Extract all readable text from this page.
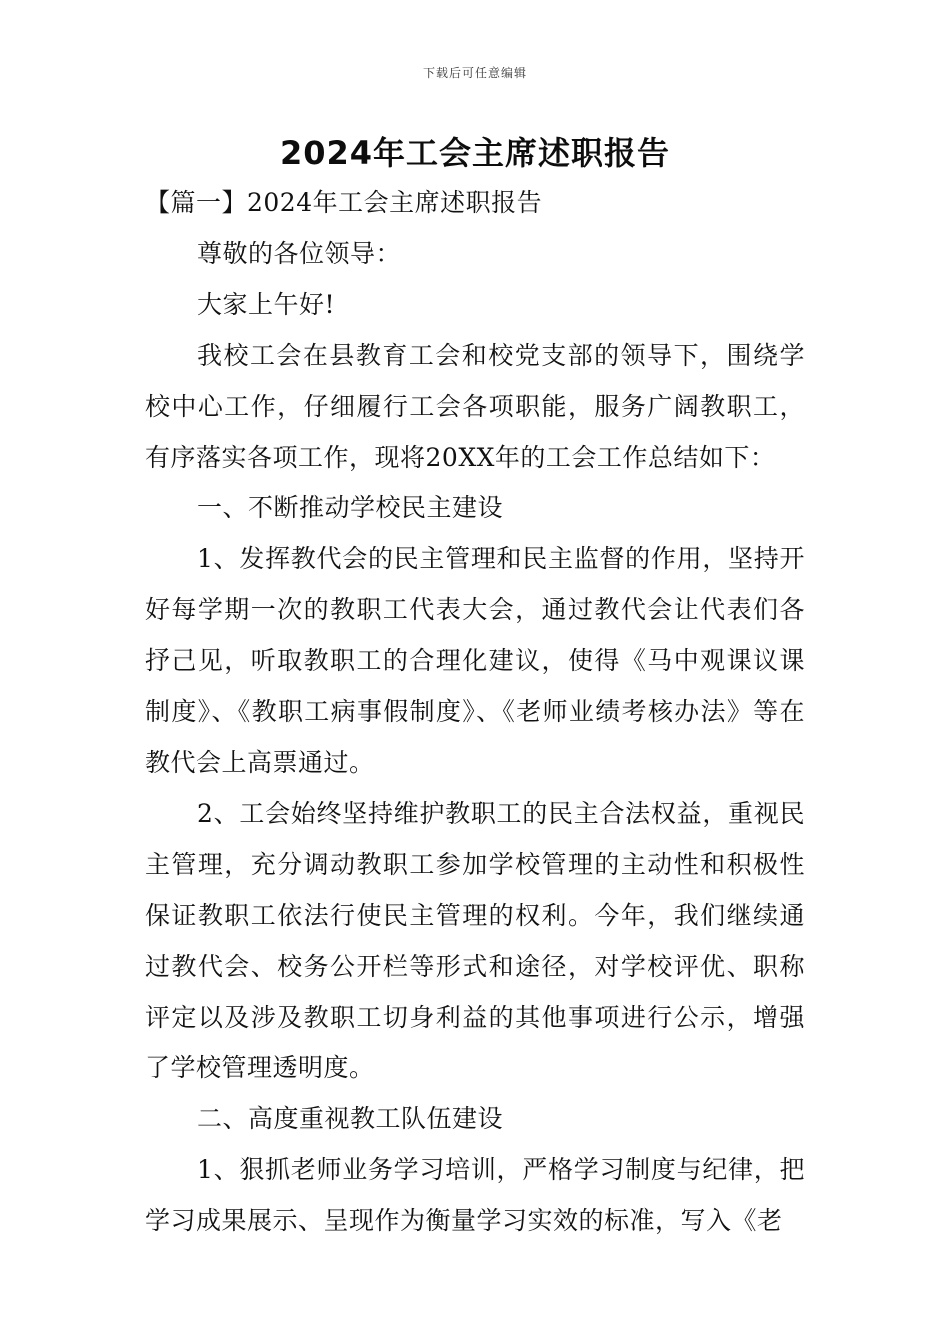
下载后可任意编辑
2024年工会主席述职报告

【篇一】2024年工会主席述职报告

尊敬的各位领导：

大家上午好!

我校工会在县教育工会和校党支部的领导下，围绕学校中心工作，仔细履行工会各项职能，服务广阔教职工，有序落实各项工作，现将20XX年的工会工作总结如下：

一、不断推动学校民主建设

1、发挥教代会的民主管理和民主监督的作用，坚持开好每学期一次的教职工代表大会，通过教代会让代表们各抒己见，听取教职工的合理化建议，使得《马中观课议课制度》、《教职工病事假制度》、《老师业绩考核办法》等在教代会上高票通过。

2、工会始终坚持维护教职工的民主合法权益，重视民主管理，充分调动教职工参加学校管理的主动性和积极性保证教职工依法行使民主管理的权利。今年，我们继续通过教代会、校务公开栏等形式和途径，对学校评优、职称评定以及涉及教职工切身利益的其他事项进行公示，增强了学校管理透明度。

二、高度重视教工队伍建设

1、狠抓老师业务学习培训，严格学习制度与纪律，把学习成果展示、呈现作为衡量学习实效的标准，写入《老
